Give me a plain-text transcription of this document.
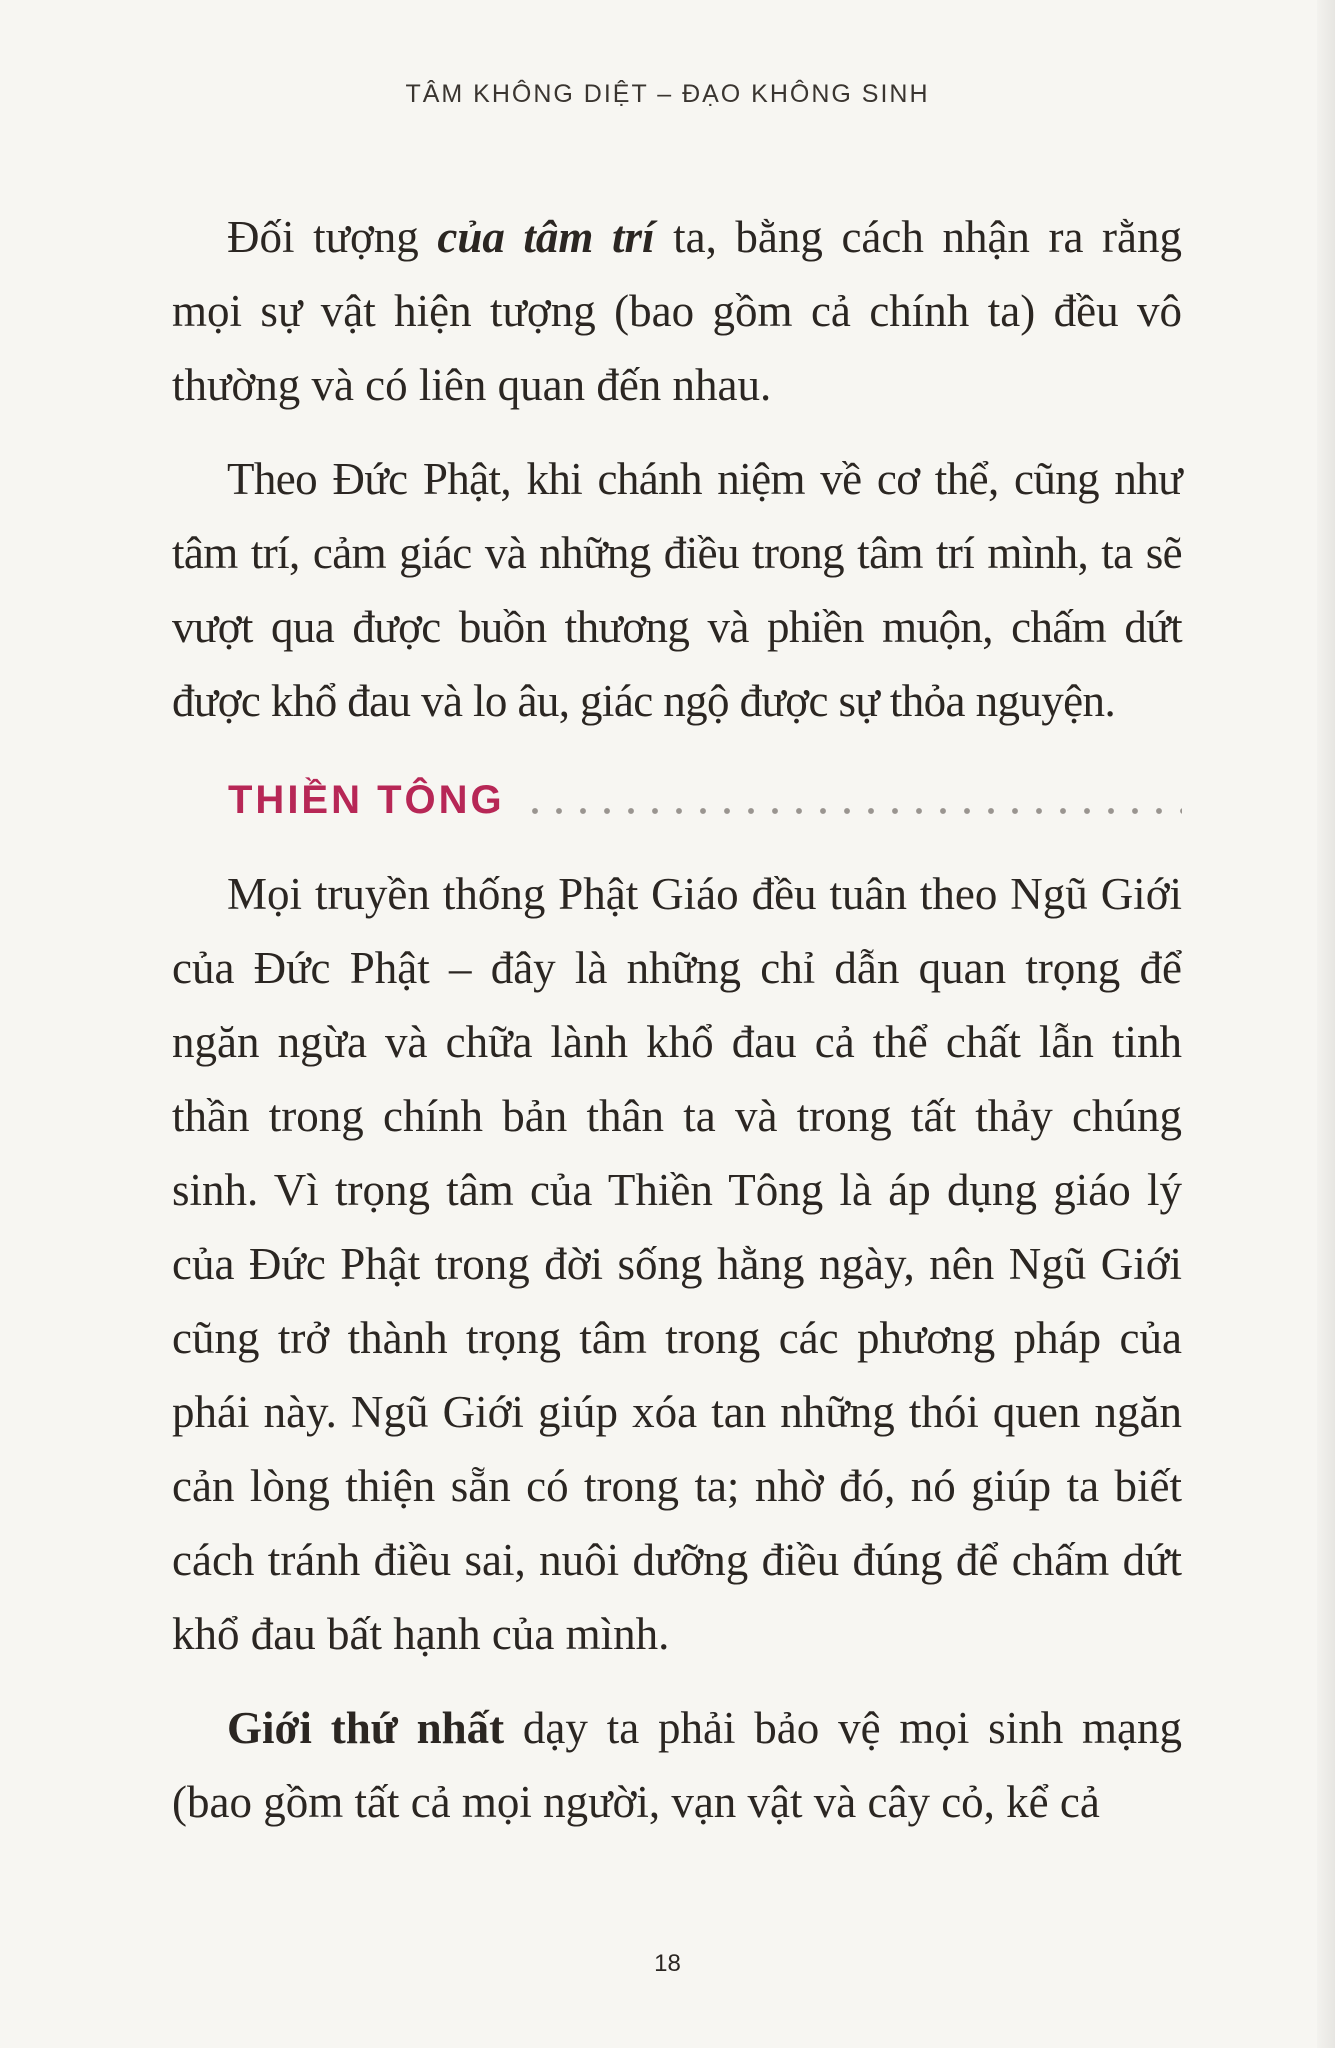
TÂM KHÔNG DIỆT – ĐẠO KHÔNG SINH

Đối tượng của tâm trí ta, bằng cách nhận ra rằng mọi sự vật hiện tượng (bao gồm cả chính ta) đều vô thường và có liên quan đến nhau.

Theo Đức Phật, khi chánh niệm về cơ thể, cũng như tâm trí, cảm giác và những điều trong tâm trí mình, ta sẽ vượt qua được buồn thương và phiền muộn, chấm dứt được khổ đau và lo âu, giác ngộ được sự thỏa nguyện.

THIỀN TÔNG

Mọi truyền thống Phật Giáo đều tuân theo Ngũ Giới của Đức Phật – đây là những chỉ dẫn quan trọng để ngăn ngừa và chữa lành khổ đau cả thể chất lẫn tinh thần trong chính bản thân ta và trong tất thảy chúng sinh. Vì trọng tâm của Thiền Tông là áp dụng giáo lý của Đức Phật trong đời sống hằng ngày, nên Ngũ Giới cũng trở thành trọng tâm trong các phương pháp của phái này. Ngũ Giới giúp xóa tan những thói quen ngăn cản lòng thiện sẵn có trong ta; nhờ đó, nó giúp ta biết cách tránh điều sai, nuôi dưỡng điều đúng để chấm dứt khổ đau bất hạnh của mình.

Giới thứ nhất dạy ta phải bảo vệ mọi sinh mạng (bao gồm tất cả mọi người, vạn vật và cây cỏ, kể cả

18
